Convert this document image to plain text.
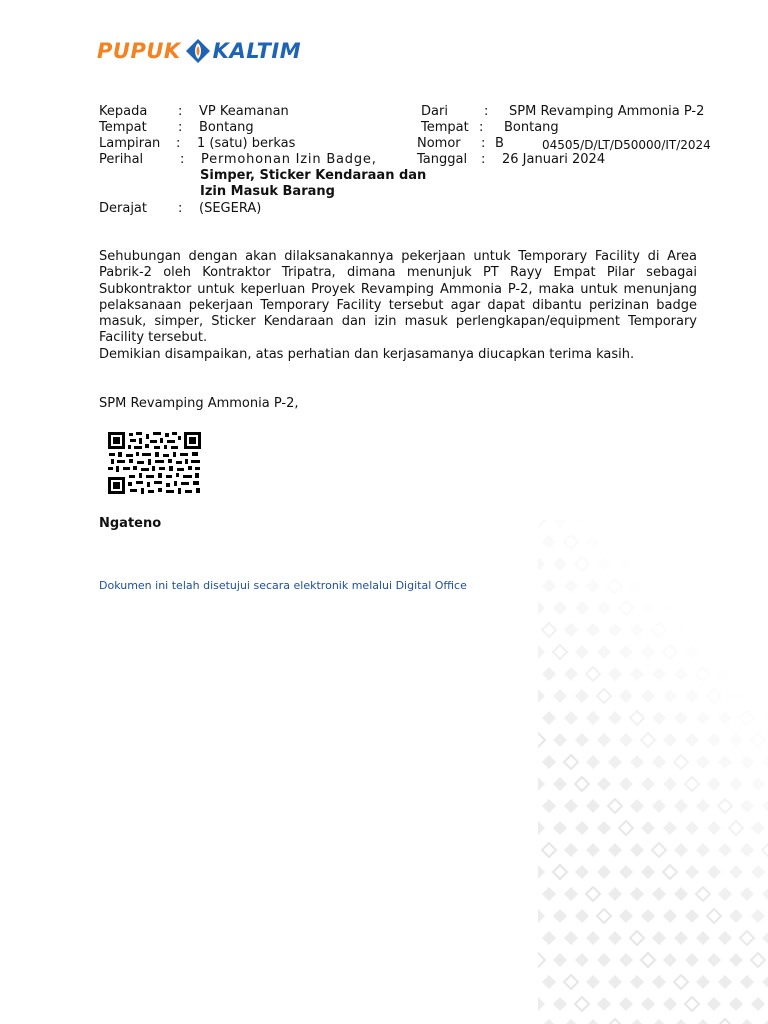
PUPUK KALTIM
Kepada : VP Keamanan
Tempat : Bontang
Lampiran : 1 (satu) berkas
Perihal	: Permohonan Izin Badge,
Simper, Sticker Kendaraan dan
Izin Masuk Barang
Derajat : (SEGERA)
Dari	: SPM Revamping Ammonia P-2
Tempat : Bontang
Nomor : B	04505/D/LT/D50000/IT/2024
Tanggal : 26 Januari 2024
Sehubungan dengan akan dilaksanakannya pekerjaan untuk Temporary Facility di Area Pabrik-2 oleh Kontraktor Tripatra, dimana menunjuk PT Rayy Empat Pilar sebagai Subkontraktor untuk keperluan Proyek Revamping Ammonia P-2, maka untuk menunjang pelaksanaan pekerjaan Temporary Facility tersebut agar dapat dibantu perizinan badge masuk, simper, Sticker Kendaraan dan izin masuk perlengkapan/equipment Temporary Facility tersebut.
Demikian disampaikan, atas perhatian dan kerjasamanya diucapkan terima kasih.
SPM Revamping Ammonia P-2,
Ngateno
Dokumen ini telah disetujui secara elektronik melalui Digital Office
